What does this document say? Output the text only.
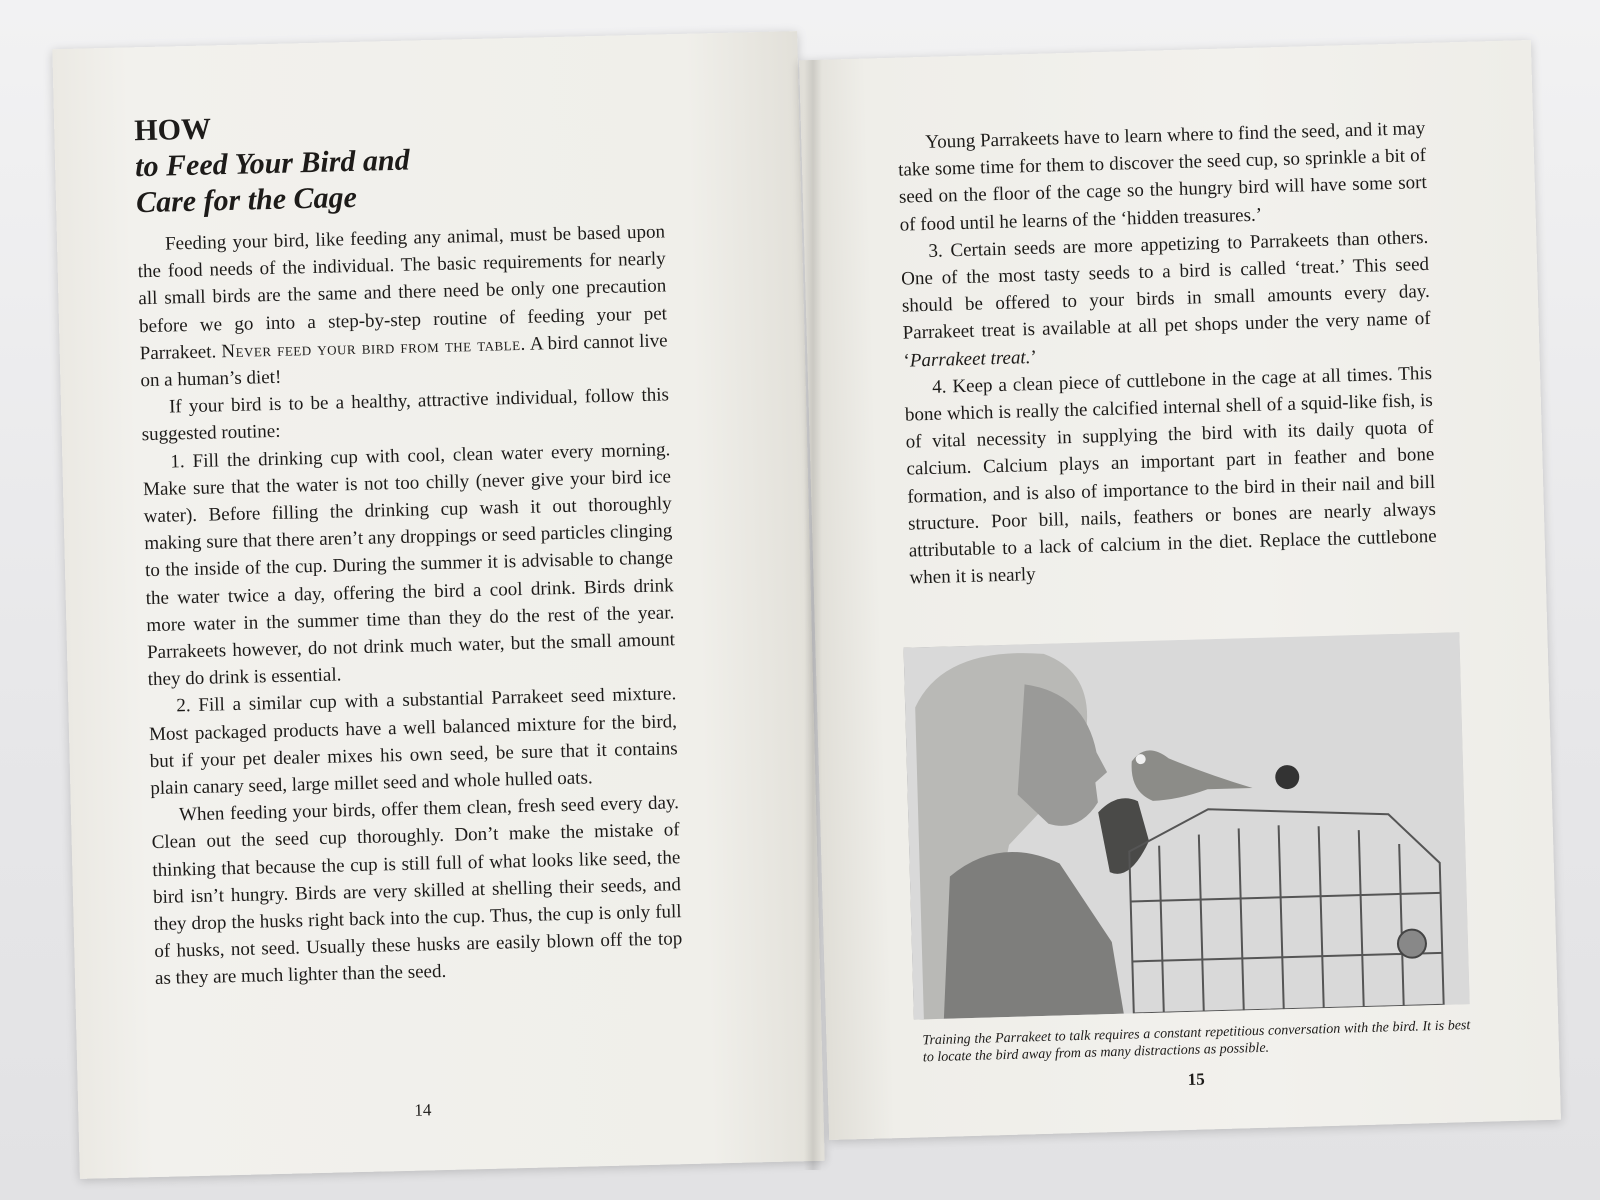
HOW
to Feed Your Bird and
Care for the Cage

Feeding your bird, like feeding any animal, must be based upon the food needs of the individual. The basic requirements for nearly all small birds are the same and there need be only one precaution before we go into a step-by-step routine of feeding your pet Parrakeet. Never feed your bird from the table. A bird cannot live on a human’s diet!

If your bird is to be a healthy, attractive individual, follow this suggested routine:

1. Fill the drinking cup with cool, clean water every morning. Make sure that the water is not too chilly (never give your bird ice water). Before filling the drinking cup wash it out thoroughly making sure that there aren’t any droppings or seed particles clinging to the inside of the cup. During the summer it is advisable to change the water twice a day, offering the bird a cool drink. Birds drink more water in the summer time than they do the rest of the year. Parrakeets however, do not drink much water, but the small amount they do drink is essential.

2. Fill a similar cup with a substantial Parrakeet seed mixture. Most packaged products have a well balanced mixture for the bird, but if your pet dealer mixes his own seed, be sure that it contains plain canary seed, large millet seed and whole hulled oats.

When feeding your birds, offer them clean, fresh seed every day. Clean out the seed cup thoroughly. Don’t make the mistake of thinking that because the cup is still full of what looks like seed, the bird isn’t hungry. Birds are very skilled at shelling their seeds, and they drop the husks right back into the cup. Thus, the cup is only full of husks, not seed. Usually these husks are easily blown off the top as they are much lighter than the seed.

14

Young Parrakeets have to learn where to find the seed, and it may take some time for them to discover the seed cup, so sprinkle a bit of seed on the floor of the cage so the hungry bird will have some sort of food until he learns of the ‘hidden treasures.’

3. Certain seeds are more appetizing to Parrakeets than others. One of the most tasty seeds to a bird is called ‘treat.’ This seed should be offered to your birds in small amounts every day. Parrakeet treat is available at all pet shops under the very name of ‘Parrakeet treat.’

4. Keep a clean piece of cuttlebone in the cage at all times. This bone which is really the calcified internal shell of a squid-like fish, is of vital necessity in supplying the bird with its daily quota of calcium. Calcium plays an important part in feather and bone formation, and is also of importance to the bird in their nail and bill structure. Poor bill, nails, feathers or bones are nearly always attributable to a lack of calcium in the diet. Replace the cuttlebone when it is nearly

Training the Parrakeet to talk requires a constant repetitious conversation with the bird. It is best to locate the bird away from as many distractions as possible.
15
